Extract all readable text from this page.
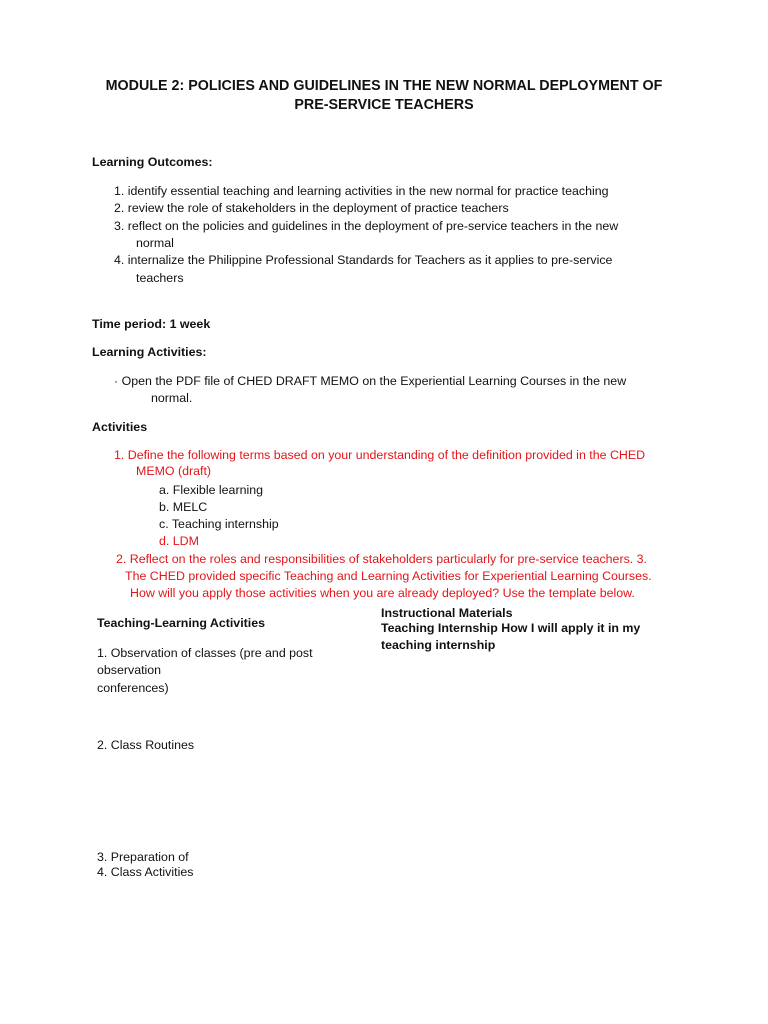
MODULE 2: POLICIES AND GUIDELINES IN THE NEW NORMAL DEPLOYMENT OF
PRE-SERVICE TEACHERS
Learning Outcomes:
1. identify essential teaching and learning activities in the new normal for practice teaching
2. review the role of stakeholders in the deployment of practice teachers
3. reflect on the policies and guidelines in the deployment of pre-service teachers in the new
normal
4. internalize the Philippine Professional Standards for Teachers as it applies to pre-service
teachers
Time period: 1 week
Learning Activities:
· Open the PDF file of CHED DRAFT MEMO on the Experiential Learning Courses in the new
normal.
Activities
1. Define the following terms based on your understanding of the definition provided in the CHED
MEMO (draft)
a. Flexible learning
b. MELC
c. Teaching internship
d. LDM
2. Reflect on the roles and responsibilities of stakeholders particularly for pre-service teachers. 3.
The CHED provided specific Teaching and Learning Activities for Experiential Learning Courses.
How will you apply those activities when you are already deployed? Use the template below.
Teaching-Learning Activities
Instructional Materials
Teaching Internship How I will apply it in my
teaching internship
1. Observation of classes (pre and post
observation
conferences)
2. Class Routines
3. Preparation of
4. Class Activities
